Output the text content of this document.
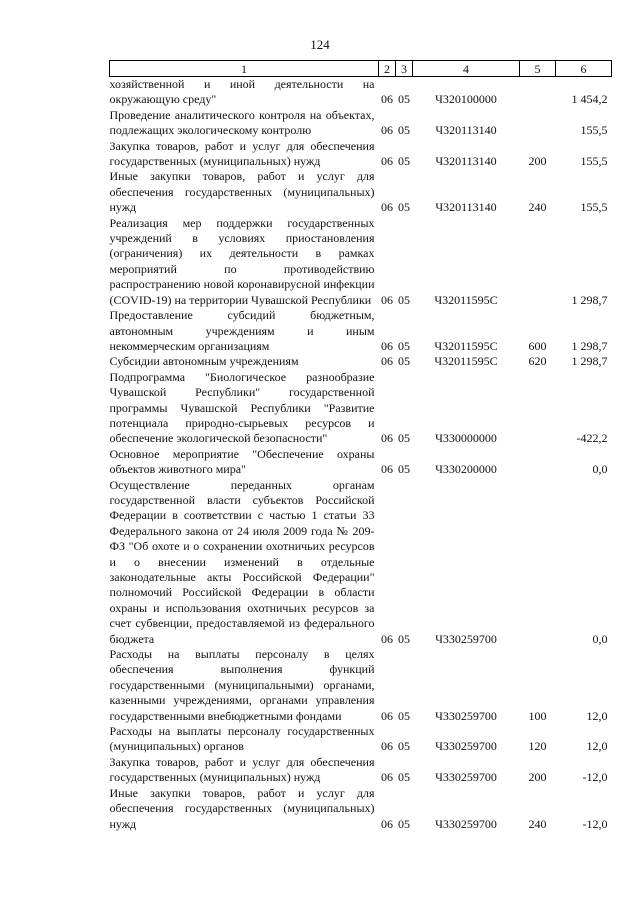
124
1	2	3	4	5	6
хозяйственной и иной деятельности на окружающую среду"	06	05	Ч320100000		1 454,2
Проведение аналитического контроля на объектах, подлежащих экологическому контролю	06	05	Ч320113140		155,5
Закупка товаров, работ и услуг для обеспечения государственных (муниципальных) нужд	06	05	Ч320113140	200	155,5
Иные закупки товаров, работ и услуг для обеспечения государственных (муниципальных) нужд	06	05	Ч320113140	240	155,5
Реализация мер поддержки государственных учреждений в условиях приостановления (ограничения) их деятельности в рамках мероприятий по противодействию распространению новой коронавирусной инфекции (COVID-19) на территории Чувашской Республики	06	05	Ч32011595С		1 298,7
Предоставление субсидий бюджетным, автономным учреждениям и иным некоммерческим организациям	06	05	Ч32011595С	600	1 298,7
Субсидии автономным учреждениям	06	05	Ч32011595С	620	1 298,7
Подпрограмма "Биологическое разнообразие Чувашской Республики" государственной программы Чувашской Республики "Развитие потенциала природно-сырьевых ресурсов и обеспечение экологической безопасности"	06	05	Ч330000000		-422,2
Основное мероприятие "Обеспечение охраны объектов животного мира"	06	05	Ч330200000		0,0
Осуществление переданных органам государственной власти субъектов Российской Федерации в соответствии с частью 1 статьи 33 Федерального закона от 24 июля 2009 года № 209-ФЗ "Об охоте и о сохранении охотничьих ресурсов и о внесении изменений в отдельные законодательные акты Российской Федерации" полномочий Российской Федерации в области охраны и использования охотничьих ресурсов за счет субвенции, предоставляемой из федерального бюджета	06	05	Ч330259700		0,0
Расходы на выплаты персоналу в целях обеспечения выполнения функций государственными (муниципальными) органами, казенными учреждениями, органами управления государственными внебюджетными фондами	06	05	Ч330259700	100	12,0
Расходы на выплаты персоналу государственных (муниципальных) органов	06	05	Ч330259700	120	12,0
Закупка товаров, работ и услуг для обеспечения государственных (муниципальных) нужд	06	05	Ч330259700	200	-12,0
Иные закупки товаров, работ и услуг для обеспечения государственных (муниципальных) нужд	06	05	Ч330259700	240	-12,0
